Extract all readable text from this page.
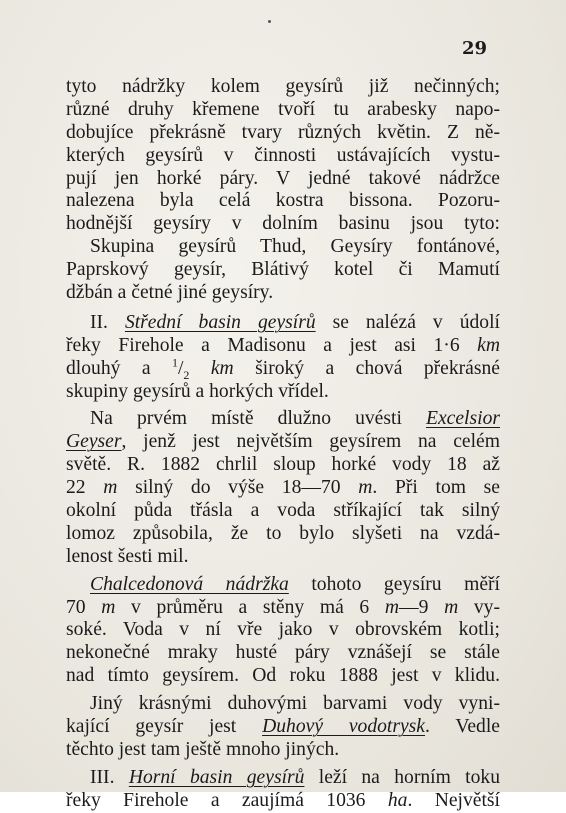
29
tyto nádržky kolem geysírů již nečinných;
různé druhy křemene tvoří tu arabesky napo-
dobujíce překrásně tvary různých květin. Z ně-
kterých geysírů v činnosti ustávajících vystu-
pují jen horké páry. V jedné takové nádržce
nalezena byla celá kostra bissona. Pozoru-
hodnější geysíry v dolním basinu jsou tyto:
Skupina geysírů Thud, Geysíry fontánové,
Paprskový geysír, Blátivý kotel či Mamutí
džbán a četné jiné geysíry.
II. Střední basin geysírů se nalézá v údolí
řeky Firehole a Madisonu a jest asi 1·6 km
dlouhý a $^1/_2$ km široký a chová překrásné
skupiny geysírů a horkých vřídel.
Na prvém místě dlužno uvésti Excelsior
Geyser, jenž jest největším geysírem na celém
světě. R. 1882 chrlil sloup horké vody 18 až
22 m silný do výše 18—70 m. Při tom se
okolní půda třásla a voda stříkající tak silný
lomoz způsobila, že to bylo slyšeti na vzdá-
lenost šesti mil.
Chalcedonová nádržka tohoto geysíru měří
70 m v průměru a stěny má 6 m—9 m vy-
soké. Voda v ní vře jako v obrovském kotli;
nekonečné mraky husté páry vznášejí se stále
nad tímto geysírem. Od roku 1888 jest v klidu.
Jiný krásnými duhovými barvami vody vyni-
kající geysír jest Duhový vodotrysk. Vedle
těchto jest tam ještě mnoho jiných.
III. Horní basin geysírů leží na horním toku
řeky Firehole a zaujímá 1036 ha. Největší
